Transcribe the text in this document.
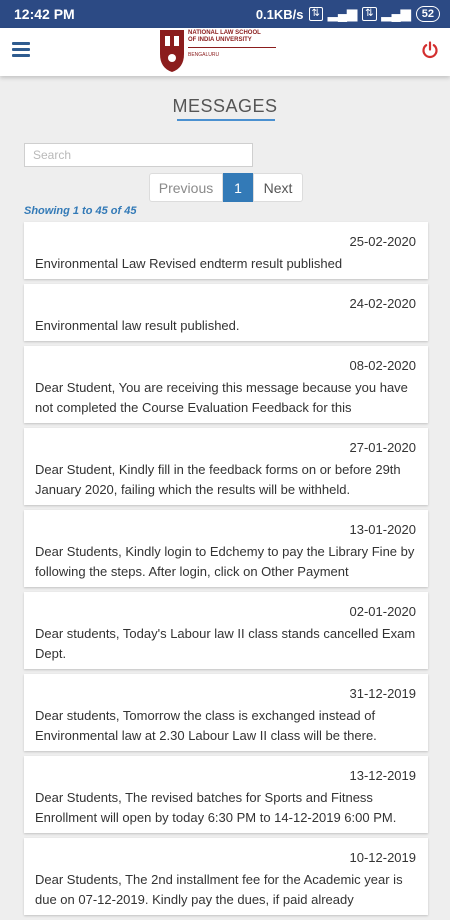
12:42 PM	0.1KB/s ⇅ ▂▄▆ ⇅ ▂▄▆	52
NATIONAL LAW SCHOOL
OF INDIA UNIVERSITY
BENGALURU
MESSAGES
Search
Previous	1	Next
Showing 1 to 45 of 45
25-02-2020
Environmental Law Revised endterm result published
24-02-2020
Environmental law result published.
08-02-2020
Dear Student, You are receiving this message because you have not completed the Course Evaluation Feedback for this
27-01-2020
Dear Student, Kindly fill in the feedback forms on or before 29th January 2020, failing which the results will be withheld.
13-01-2020
Dear Students, Kindly login to Edchemy to pay the Library Fine by following the steps. After login, click on Other Payment
02-01-2020
Dear students, Today's Labour law II class stands cancelled Exam Dept.
31-12-2019
Dear students, Tomorrow the class is exchanged instead of Environmental law at 2.30 Labour Law II class will be there.
13-12-2019
Dear Students, The revised batches for Sports and Fitness Enrollment will open by today 6:30 PM to 14-12-2019 6:00 PM.
10-12-2019
Dear Students, The 2nd installment fee for the Academic year is due on 07-12-2019. Kindly pay the dues, if paid already
